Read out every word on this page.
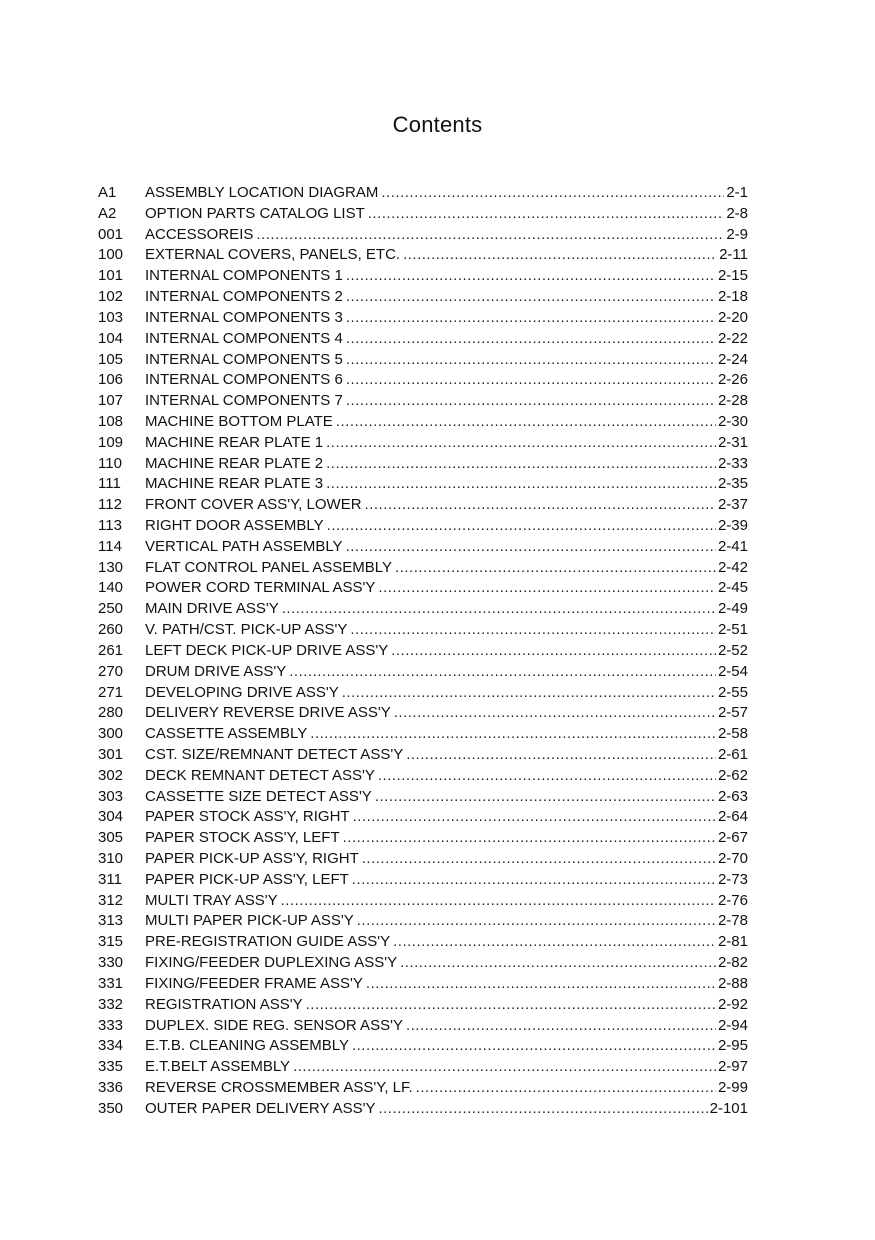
Contents
A1	ASSEMBLY LOCATION DIAGRAM .....	2-1
A2	OPTION PARTS CATALOG LIST .....	2-8
001	ACCESSOREIS .....	2-9
100	EXTERNAL COVERS, PANELS, ETC. .....	2-11
101	INTERNAL COMPONENTS 1 .....	2-15
102	INTERNAL COMPONENTS 2 .....	2-18
103	INTERNAL COMPONENTS 3 .....	2-20
104	INTERNAL COMPONENTS 4 .....	2-22
105	INTERNAL COMPONENTS 5 .....	2-24
106	INTERNAL COMPONENTS 6 .....	2-26
107	INTERNAL COMPONENTS 7 .....	2-28
108	MACHINE BOTTOM PLATE .....	2-30
109	MACHINE REAR PLATE 1 .....	2-31
110	MACHINE REAR PLATE 2 .....	2-33
111	MACHINE REAR PLATE 3 .....	2-35
112	FRONT COVER ASS'Y, LOWER .....	2-37
113	RIGHT DOOR ASSEMBLY .....	2-39
114	VERTICAL PATH ASSEMBLY .....	2-41
130	FLAT CONTROL PANEL ASSEMBLY .....	2-42
140	POWER CORD TERMINAL ASS'Y .....	2-45
250	MAIN DRIVE ASS'Y .....	2-49
260	V. PATH/CST. PICK-UP ASS'Y .....	2-51
261	LEFT DECK PICK-UP DRIVE ASS'Y .....	2-52
270	DRUM DRIVE ASS'Y .....	2-54
271	DEVELOPING DRIVE ASS'Y .....	2-55
280	DELIVERY REVERSE DRIVE ASS'Y .....	2-57
300	CASSETTE ASSEMBLY .....	2-58
301	CST. SIZE/REMNANT DETECT ASS'Y .....	2-61
302	DECK REMNANT DETECT ASS'Y .....	2-62
303	CASSETTE SIZE DETECT ASS'Y .....	2-63
304	PAPER STOCK ASS'Y, RIGHT .....	2-64
305	PAPER STOCK ASS'Y, LEFT .....	2-67
310	PAPER PICK-UP ASS'Y, RIGHT .....	2-70
311	PAPER PICK-UP ASS'Y, LEFT .....	2-73
312	MULTI TRAY ASS'Y .....	2-76
313	MULTI PAPER PICK-UP ASS'Y .....	2-78
315	PRE-REGISTRATION GUIDE ASS'Y .....	2-81
330	FIXING/FEEDER DUPLEXING ASS'Y .....	2-82
331	FIXING/FEEDER FRAME ASS'Y .....	2-88
332	REGISTRATION ASS'Y .....	2-92
333	DUPLEX. SIDE REG. SENSOR ASS'Y .....	2-94
334	E.T.B. CLEANING ASSEMBLY .....	2-95
335	E.T.BELT ASSEMBLY .....	2-97
336	REVERSE CROSSMEMBER ASS'Y, LF. .....	2-99
350	OUTER PAPER DELIVERY ASS'Y .....	2-101
